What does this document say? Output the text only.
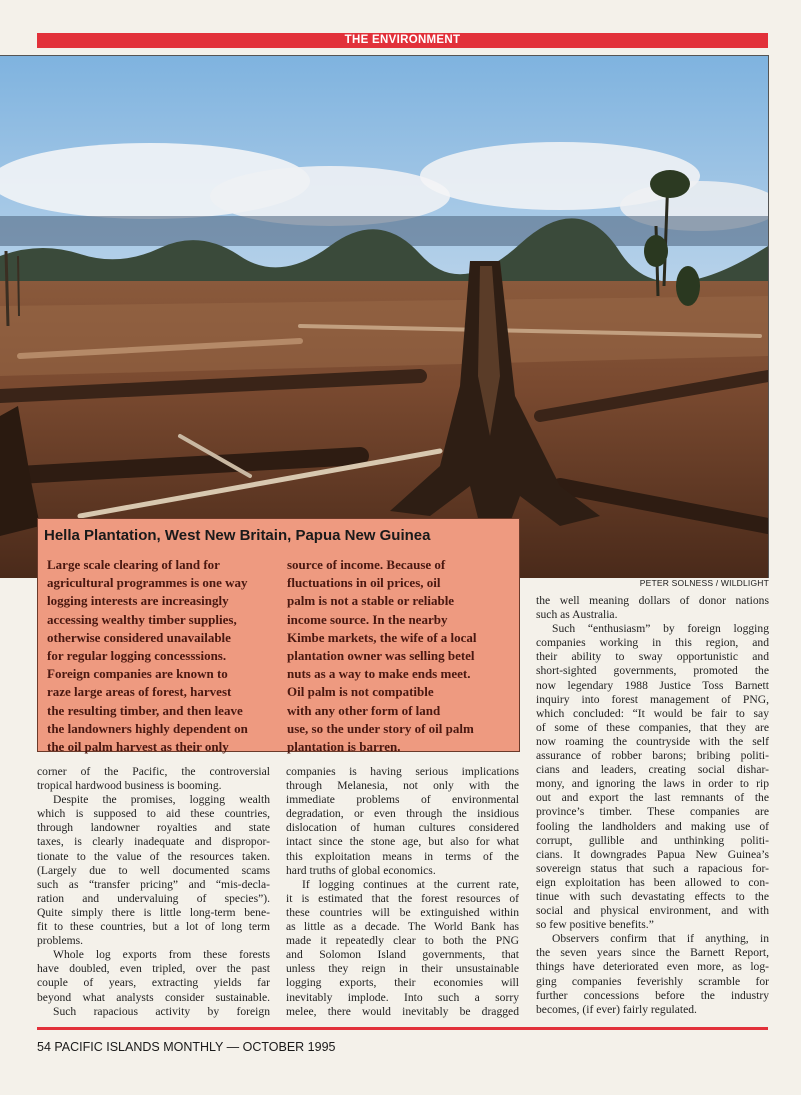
THE ENVIRONMENT
PETER SOLNESS / WILDLIGHT
Hella Plantation, West New Britain, Papua New Guinea
Large scale clearing of land for
agricultural programmes is one way
logging interests are increasingly
accessing wealthy timber supplies,
otherwise considered unavailable
for regular logging concesssions.
Foreign companies are known to
raze large areas of forest, harvest
the resulting timber, and then leave
the landowners highly dependent on
the oil palm harvest as their only
source of income. Because of
fluctuations in oil prices, oil
palm is not a stable or reliable
income source. In the nearby
Kimbe markets, the wife of a local
plantation owner was selling betel
nuts as a way to make ends meet.
Oil palm is not compatible
with any other form of land
use, so the under story of oil palm
plantation is barren.
corner of the Pacific, the controversial
tropical hardwood business is booming.
Despite the promises, logging wealth
which is supposed to aid these countries,
through landowner royalties and state
taxes, is clearly inadequate and dispropor-
tionate to the value of the resources taken.
(Largely due to well documented scams
such as “transfer pricing” and “mis-decla-
ration and undervaluing of species”).
Quite simply there is little long-term bene-
fit to these countries, but a lot of long term
problems.
Whole log exports from these forests
have doubled, even tripled, over the past
couple of years, extracting yields far
beyond what analysts consider sustainable.
Such rapacious activity by foreign
companies is having serious implications
through Melanesia, not only with the
immediate problems of environmental
degradation, or even through the insidious
dislocation of human cultures considered
intact since the stone age, but also for what
this exploitation means in terms of the
hard truths of global economics.
If logging continues at the current rate,
it is estimated that the forest resources of
these countries will be extinguished within
as little as a decade. The World Bank has
made it repeatedly clear to both the PNG
and Solomon Island governments, that
unless they reign in their unsustainable
logging exports, their economies will
inevitably implode. Into such a sorry
melee, there would inevitably be dragged
the well meaning dollars of donor nations
such as Australia.
Such “enthusiasm” by foreign logging
companies working in this region, and
their ability to sway opportunistic and
short-sighted governments, promoted the
now legendary 1988 Justice Toss Barnett
inquiry into forest management of PNG,
which concluded: “It would be fair to say
of some of these companies, that they are
now roaming the countryside with the self
assurance of robber barons; bribing politi-
cians and leaders, creating social dishar-
mony, and ignoring the laws in order to rip
out and export the last remnants of the
province’s timber. These companies are
fooling the landholders and making use of
corrupt, gullible and unthinking politi-
cians. It downgrades Papua New Guinea’s
sovereign status that such a rapacious for-
eign exploitation has been allowed to con-
tinue with such devastating effects to the
social and physical environment, and with
so few positive benefits.”
Observers confirm that if anything, in
the seven years since the Barnett Report,
things have deteriorated even more, as log-
ging companies feverishly scramble for
further concessions before the industry
becomes, (if ever) fairly regulated.
54 PACIFIC ISLANDS MONTHLY — OCTOBER 1995
